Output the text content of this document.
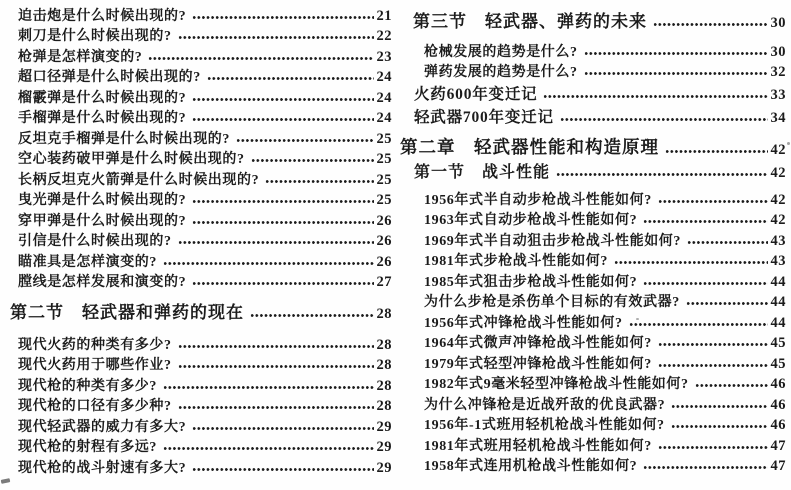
迫击炮是什么时候出现的?	21
刺刀是什么时候出现的?	22
枪弹是怎样演变的?	23
超口径弹是什么时候出现的?	24
榴霰弹是什么时候出现的?	24
手榴弹是什么时候出现的?	24
反坦克手榴弹是什么时候出现的?	25
空心装药破甲弹是什么时候出现的?	25
长柄反坦克火箭弹是什么时候出现的?	25
曳光弹是什么时候出现的?	25
穿甲弹是什么时候出现的?	26
引信是什么时候出现的?	26
瞄准具是怎样演变的?	26
膛线是怎样发展和演变的?	27
第二节　轻武器和弹药的现在	28
现代火药的种类有多少?	28
现代火药用于哪些作业?	28
现代枪的种类有多少?	28
现代枪的口径有多少种?	28
现代轻武器的威力有多大?	29
现代枪的射程有多远?	29
现代枪的战斗射速有多大?	29
第三节　轻武器、弹药的未来	30
枪械发展的趋势是什么?	30
弹药发展的趋势是什么?	32
火药600年变迁记	33
轻武器700年变迁记	34
第二章　轻武器性能和构造原理	42
第一节　战斗性能	42
1956年式半自动步枪战斗性能如何?	42
1963年式自动步枪战斗性能如何?	42
1969年式半自动狙击步枪战斗性能如何?	43
1981年式步枪战斗性能如何?	43
1985年式狙击步枪战斗性能如何?	44
为什么步枪是杀伤单个目标的有效武器?	44
1956年式冲锋枪战斗性能如何?	44
1964年式微声冲锋枪战斗性能如何?	45
1979年式轻型冲锋枪战斗性能如何?	45
1982年式9毫米轻型冲锋枪战斗性能如何?	46
为什么冲锋枪是近战歼敌的优良武器?	46
1956年-1式班用轻机枪战斗性能如何?	46
1981年式班用轻机枪战斗性能如何?	47
1958年式连用机枪战斗性能如何?	47
